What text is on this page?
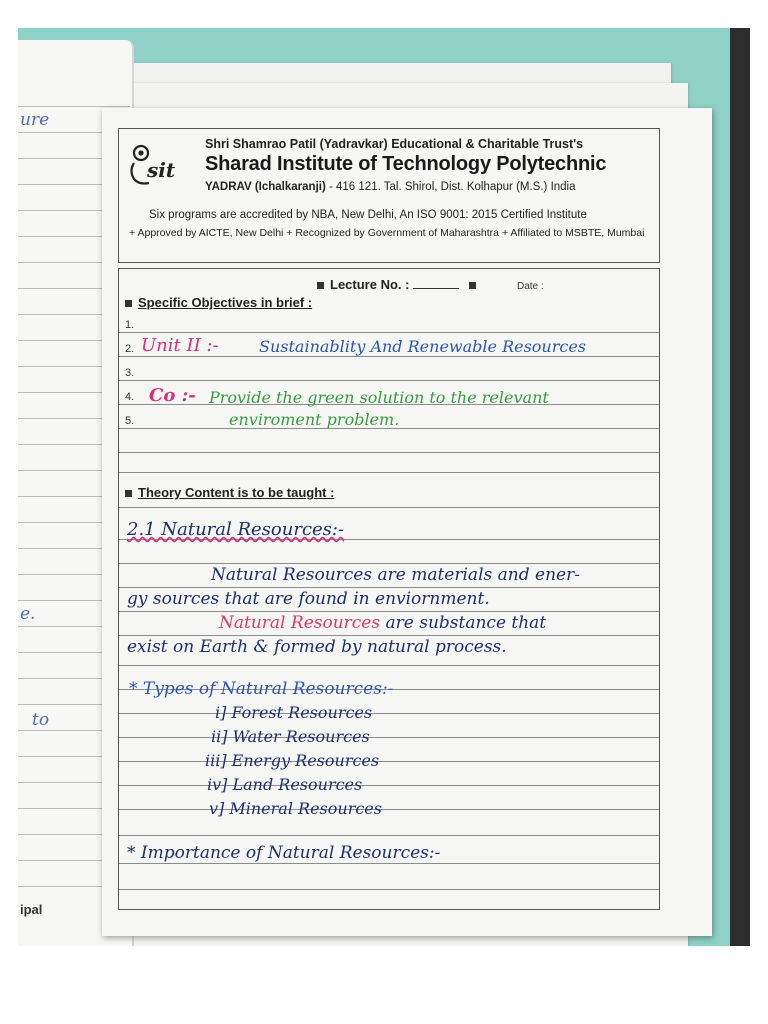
ure
e.
to
ipal
sit
Shri Shamrao Patil (Yadravkar) Educational & Charitable Trust's
Sharad Institute of Technology Polytechnic
YADRAV (Ichalkaranji) - 416 121. Tal. Shirol, Dist. Kolhapur (M.S.) India
Six programs are accredited by NBA, New Delhi, An ISO 9001: 2015 Certified Institute
+ Approved by AICTE, New Delhi + Recognized by Government of Maharashtra + Affiliated to MSBTE, Mumbai
Lecture No. :	Date :
Specific Objectives in brief :
1.
2.
3.
4.
5.
Unit II :-	Sustainablity And Renewable Resources
Co :- Provide the green solution to the relevant
enviroment problem.
Theory Content is to be taught :
2.1 Natural Resources:-
Natural Resources are materials and ener-
gy sources that are found in enviornment.
Natural Resources are substance that
exist on Earth & formed by natural process.
* Types of Natural Resources:-
i] Forest Resources
ii] Water Resources
iii] Energy Resources
iv] Land Resources
v] Mineral Resources
* Importance of Natural Resources:-
